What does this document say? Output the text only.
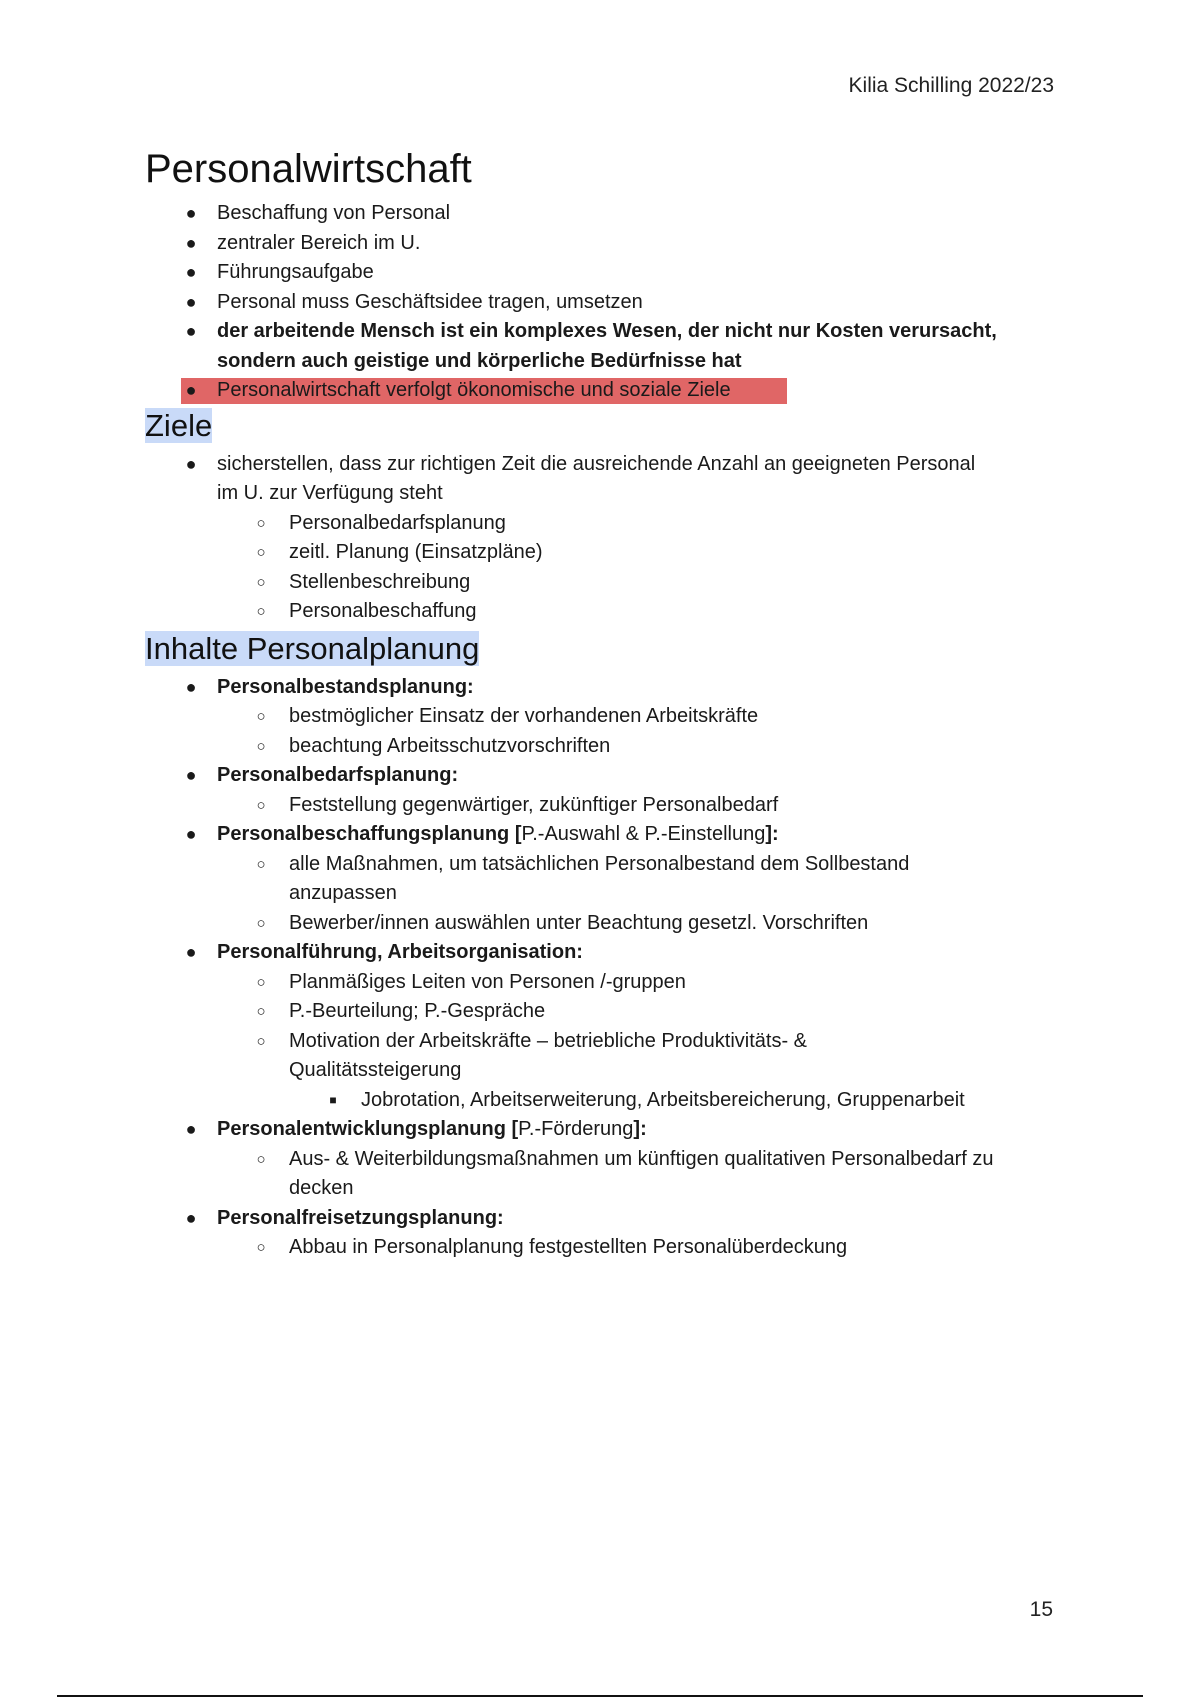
Kilia Schilling 2022/23
Personalwirtschaft
● Beschaffung von Personal
● zentraler Bereich im U.
● Führungsaufgabe
● Personal muss Geschäftsidee tragen, umsetzen
● der arbeitende Mensch ist ein komplexes Wesen, der nicht nur Kosten verursacht, sondern auch geistige und körperliche Bedürfnisse hat
● Personalwirtschaft verfolgt ökonomische und soziale Ziele
Ziele
● sicherstellen, dass zur richtigen Zeit die ausreichende Anzahl an geeigneten Personal im U. zur Verfügung steht
○ Personalbedarfsplanung
○ zeitl. Planung (Einsatzpläne)
○ Stellenbeschreibung
○ Personalbeschaffung
Inhalte Personalplanung
● Personalbestandsplanung:
○ bestmöglicher Einsatz der vorhandenen Arbeitskräfte
○ beachtung Arbeitsschutzvorschriften
● Personalbedarfsplanung:
○ Feststellung gegenwärtiger, zukünftiger Personalbedarf
● Personalbeschaffungsplanung [P.-Auswahl & P.-Einstellung]:
○ alle Maßnahmen, um tatsächlichen Personalbestand dem Sollbestand anzupassen
○ Bewerber/innen auswählen unter Beachtung gesetzl. Vorschriften
● Personalführung, Arbeitsorganisation:
○ Planmäßiges Leiten von Personen /-gruppen
○ P.-Beurteilung; P.-Gespräche
○ Motivation der Arbeitskräfte – betriebliche Produktivitäts- & Qualitätssteigerung
■	Jobrotation, Arbeitserweiterung, Arbeitsbereicherung, Gruppenarbeit
● Personalentwicklungsplanung [P.-Förderung]:
○ Aus- & Weiterbildungsmaßnahmen um künftigen qualitativen Personalbedarf zu decken
● Personalfreisetzungsplanung:
○ Abbau in Personalplanung festgestellten Personalüberdeckung
15
